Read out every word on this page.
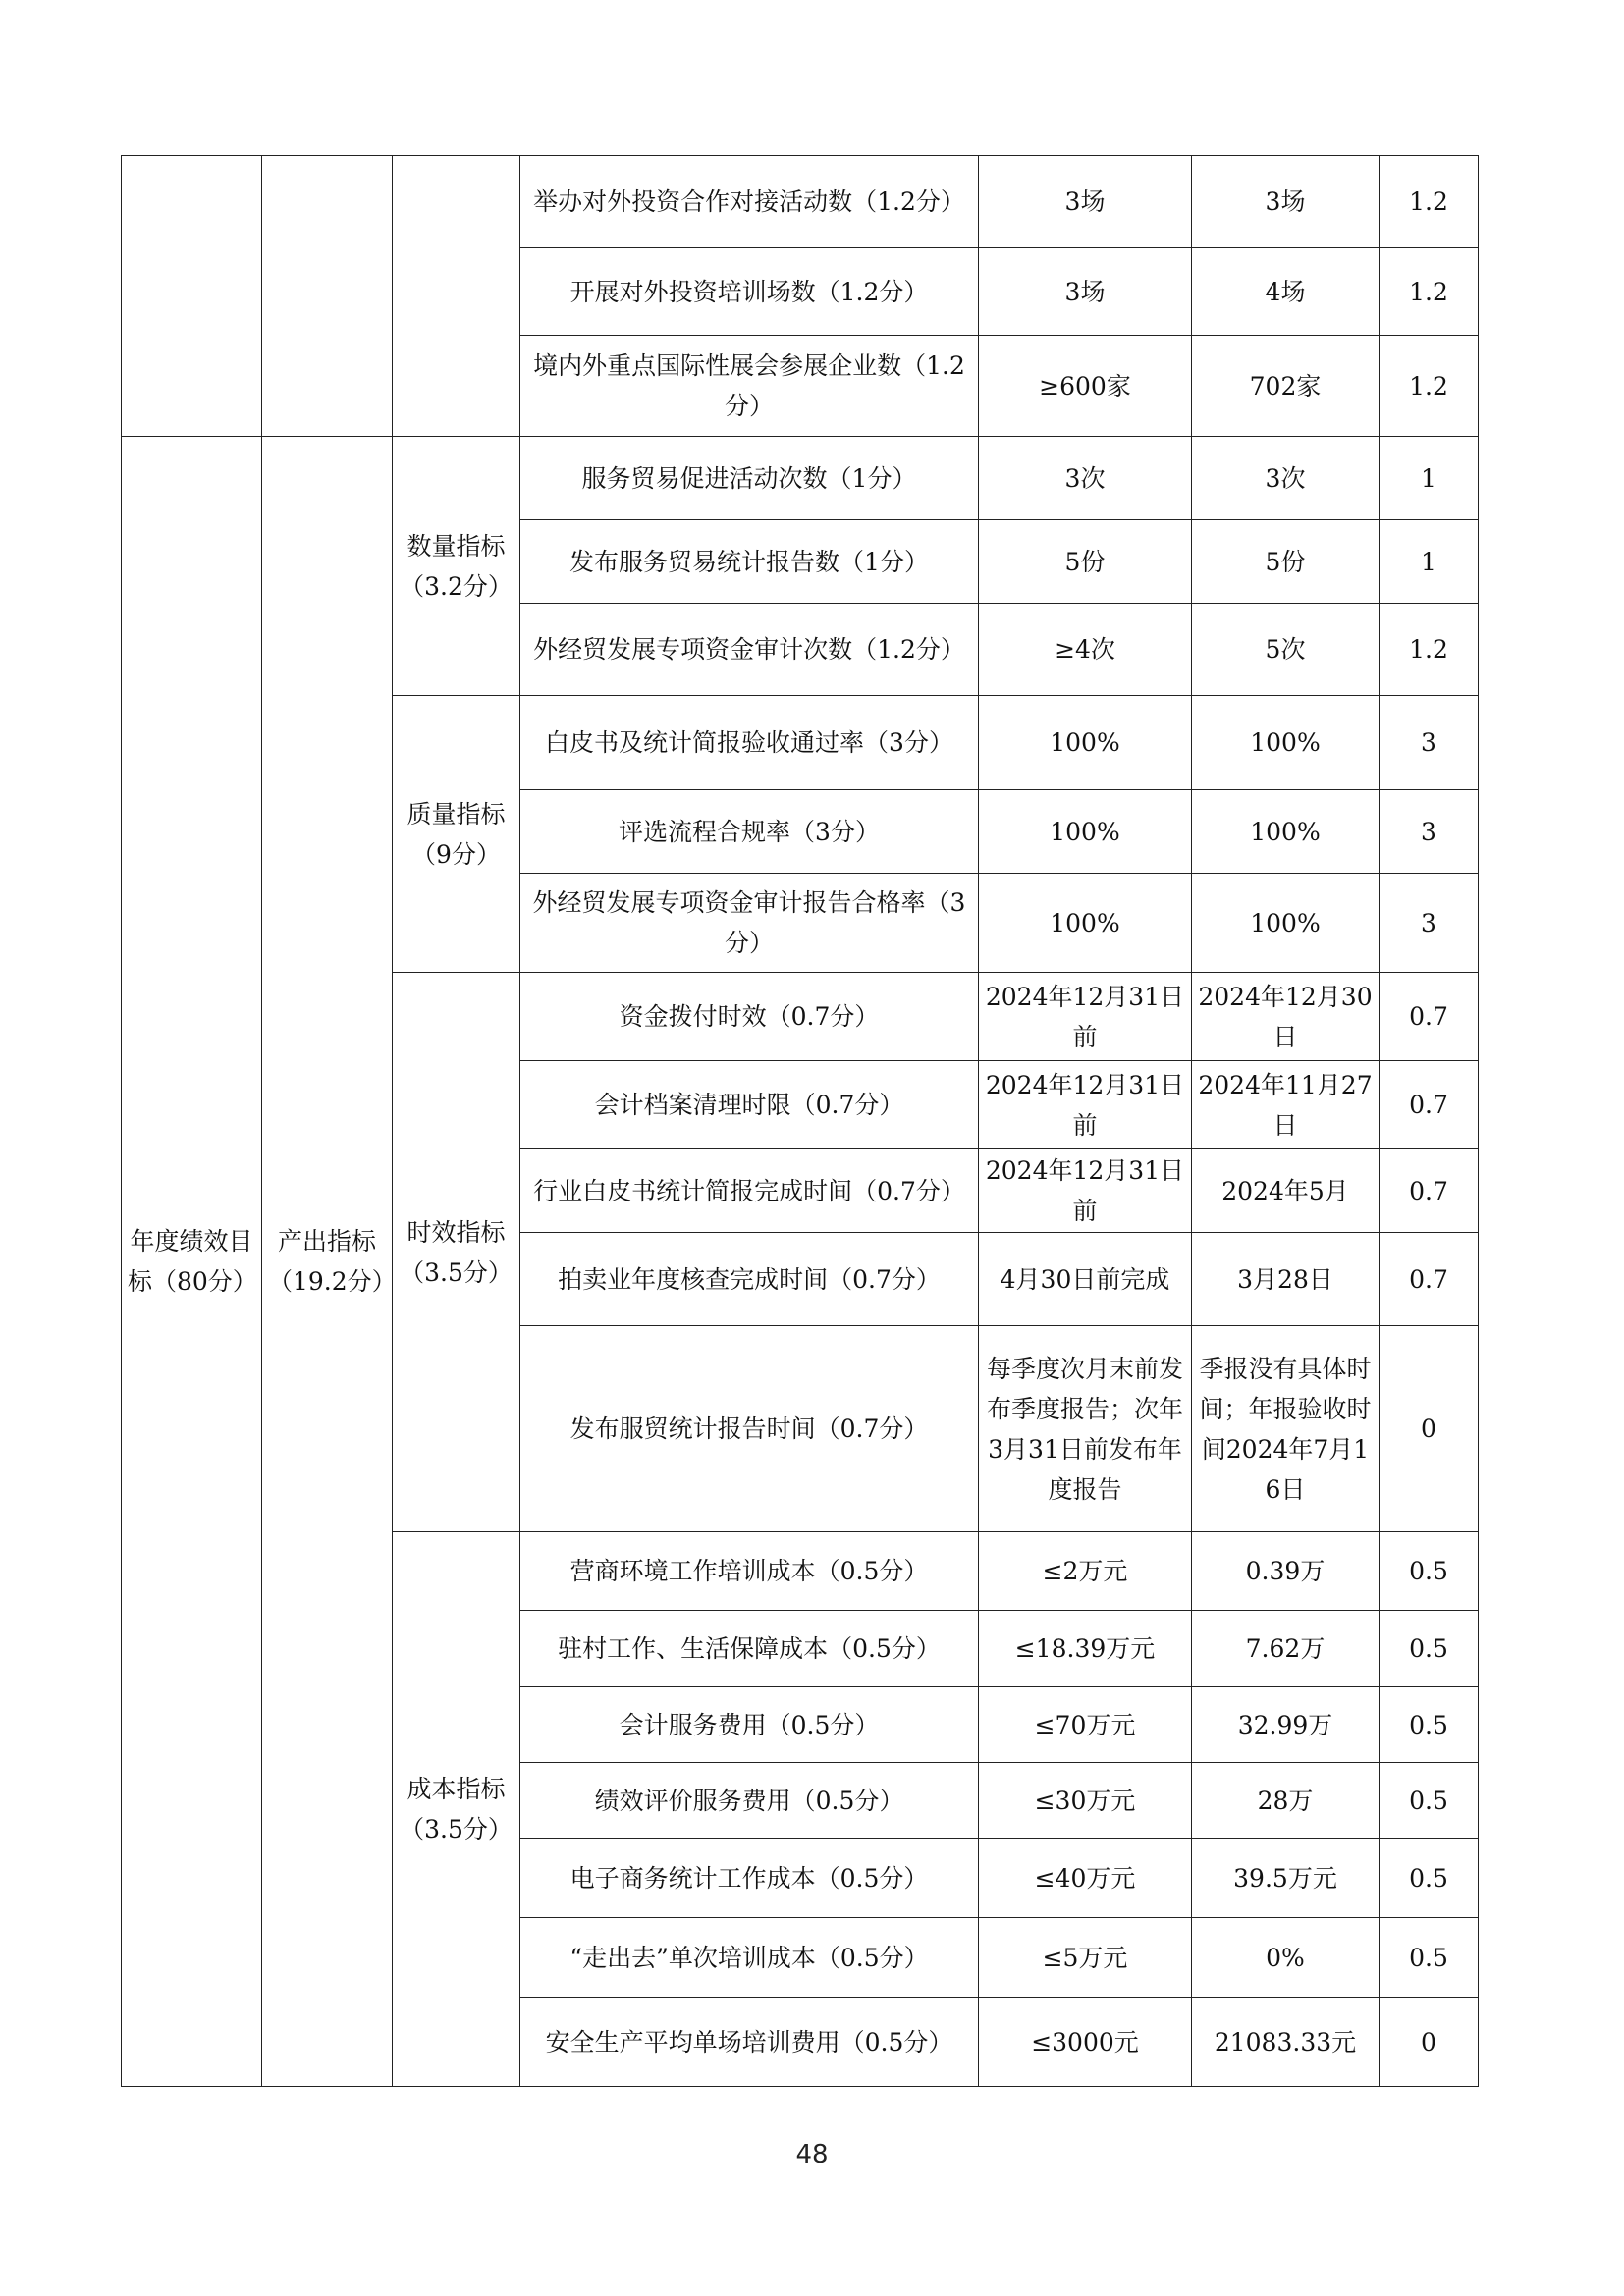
			举办对外投资合作对接活动数（1.2分）	3场	3场	1.2
			开展对外投资培训场数（1.2分）	3场	4场	1.2
			境内外重点国际性展会参展企业数（1.2分）	≥600家	702家	1.2
年度绩效目标（80分）	产出指标（19.2分）	数量指标（3.2分）	服务贸易促进活动次数（1分）	3次	3次	1
			发布服务贸易统计报告数（1分）	5份	5份	1
			外经贸发展专项资金审计次数（1.2分）	≥4次	5次	1.2
		质量指标（9分）	白皮书及统计简报验收通过率（3分）	100%	100%	3
			评选流程合规率（3分）	100%	100%	3
			外经贸发展专项资金审计报告合格率（3分）	100%	100%	3
		时效指标（3.5分）	资金拨付时效（0.7分）	2024年12月31日前	2024年12月30日	0.7
			会计档案清理时限（0.7分）	2024年12月31日前	2024年11月27日	0.7
			行业白皮书统计简报完成时间（0.7分）	2024年12月31日前	2024年5月	0.7
			拍卖业年度核查完成时间（0.7分）	4月30日前完成	3月28日	0.7
			发布服贸统计报告时间（0.7分）	每季度次月末前发布季度报告；次年3月31日前发布年度报告	季报没有具体时间；年报验收时间2024年7月16日	0
		成本指标（3.5分）	营商环境工作培训成本（0.5分）	≤2万元	0.39万	0.5
			驻村工作、生活保障成本（0.5分）	≤18.39万元	7.62万	0.5
			会计服务费用（0.5分）	≤70万元	32.99万	0.5
			绩效评价服务费用（0.5分）	≤30万元	28万	0.5
			电子商务统计工作成本（0.5分）	≤40万元	39.5万元	0.5
			“走出去”单次培训成本（0.5分）	≤5万元	0%	0.5
			安全生产平均单场培训费用（0.5分）	≤3000元	21083.33元	0
48
